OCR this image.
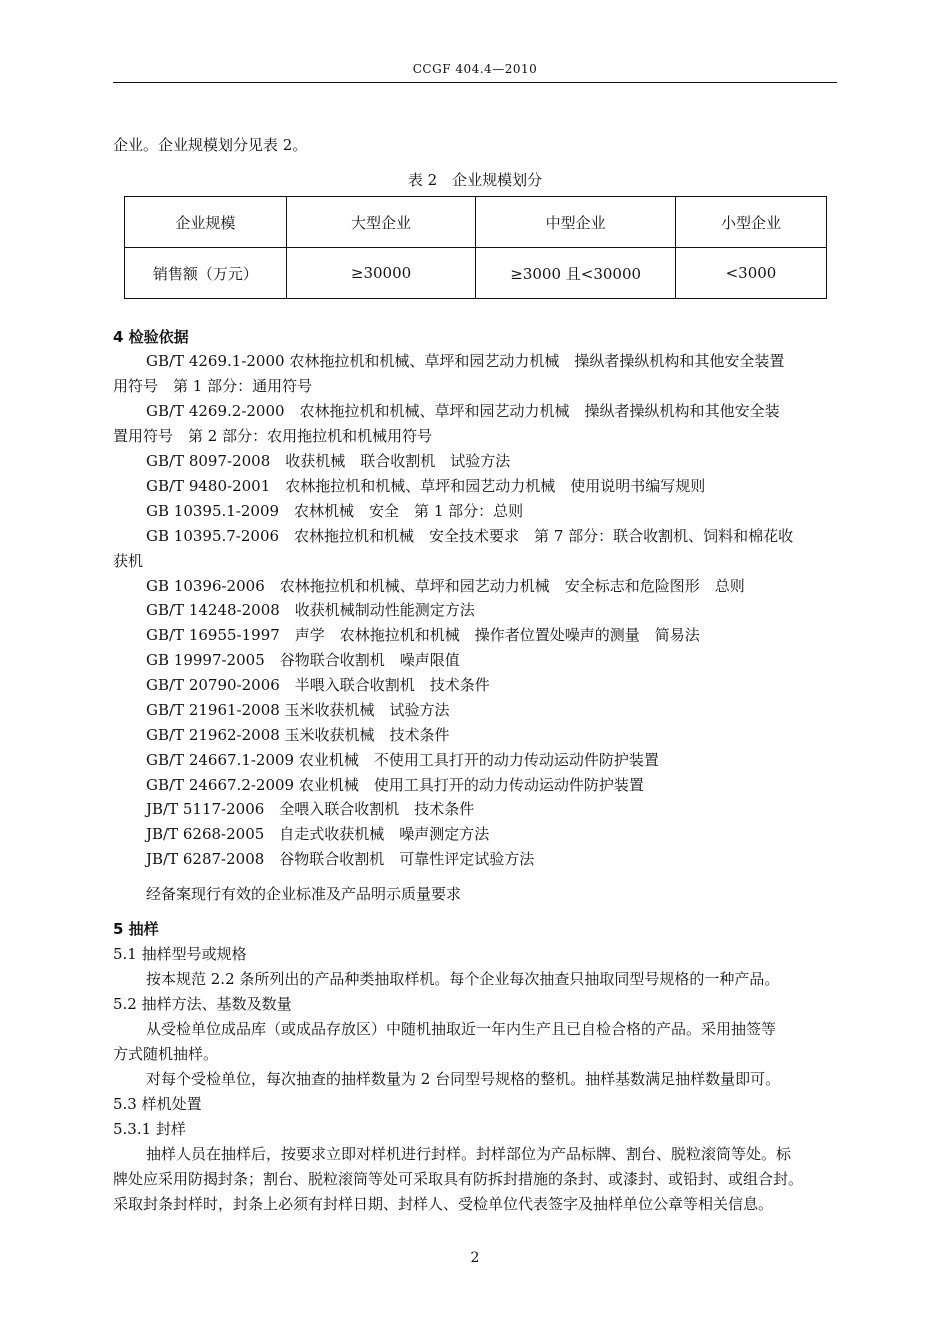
CCGF 404.4—2010
企业。企业规模划分见表 2。
表 2　企业规模划分
企业规模	大型企业	中型企业	小型企业
销售额（万元）	≥30000	≥3000 且<30000	<3000
4 检验依据
GB/T 4269.1-2000 农林拖拉机和机械、草坪和园艺动力机械　操纵者操纵机构和其他安全装置
用符号　第 1 部分：通用符号
GB/T 4269.2-2000　农林拖拉机和机械、草坪和园艺动力机械　操纵者操纵机构和其他安全装
置用符号　第 2 部分：农用拖拉机和机械用符号
GB/T 8097-2008　收获机械　联合收割机　试验方法
GB/T 9480-2001　农林拖拉机和机械、草坪和园艺动力机械　使用说明书编写规则
GB 10395.1-2009　农林机械　安全　第 1 部分：总则
GB 10395.7-2006　农林拖拉机和机械　安全技术要求　第 7 部分：联合收割机、饲料和棉花收
获机
GB 10396-2006　农林拖拉机和机械、草坪和园艺动力机械　安全标志和危险图形　总则
GB/T 14248-2008　收获机械制动性能测定方法
GB/T 16955-1997　声学　农林拖拉机和机械　操作者位置处噪声的测量　简易法
GB 19997-2005　谷物联合收割机　噪声限值
GB/T 20790-2006　半喂入联合收割机　技术条件
GB/T 21961-2008 玉米收获机械　试验方法
GB/T 21962-2008 玉米收获机械　技术条件
GB/T 24667.1-2009 农业机械　不使用工具打开的动力传动运动件防护装置
GB/T 24667.2-2009 农业机械　使用工具打开的动力传动运动件防护装置
JB/T 5117-2006　全喂入联合收割机　技术条件
JB/T 6268-2005　自走式收获机械　噪声测定方法
JB/T 6287-2008　谷物联合收割机　可靠性评定试验方法
经备案现行有效的企业标准及产品明示质量要求
5 抽样
5.1 抽样型号或规格
按本规范 2.2 条所列出的产品种类抽取样机。每个企业每次抽查只抽取同型号规格的一种产品。
5.2 抽样方法、基数及数量
从受检单位成品库（或成品存放区）中随机抽取近一年内生产且已自检合格的产品。采用抽签等
方式随机抽样。
对每个受检单位，每次抽查的抽样数量为 2 台同型号规格的整机。抽样基数满足抽样数量即可。
5.3 样机处置
5.3.1 封样
抽样人员在抽样后，按要求立即对样机进行封样。封样部位为产品标牌、割台、脱粒滚筒等处。标
牌处应采用防揭封条；割台、脱粒滚筒等处可采取具有防拆封措施的条封、或漆封、或铅封、或组合封。
采取封条封样时，封条上必须有封样日期、封样人、受检单位代表签字及抽样单位公章等相关信息。
2
